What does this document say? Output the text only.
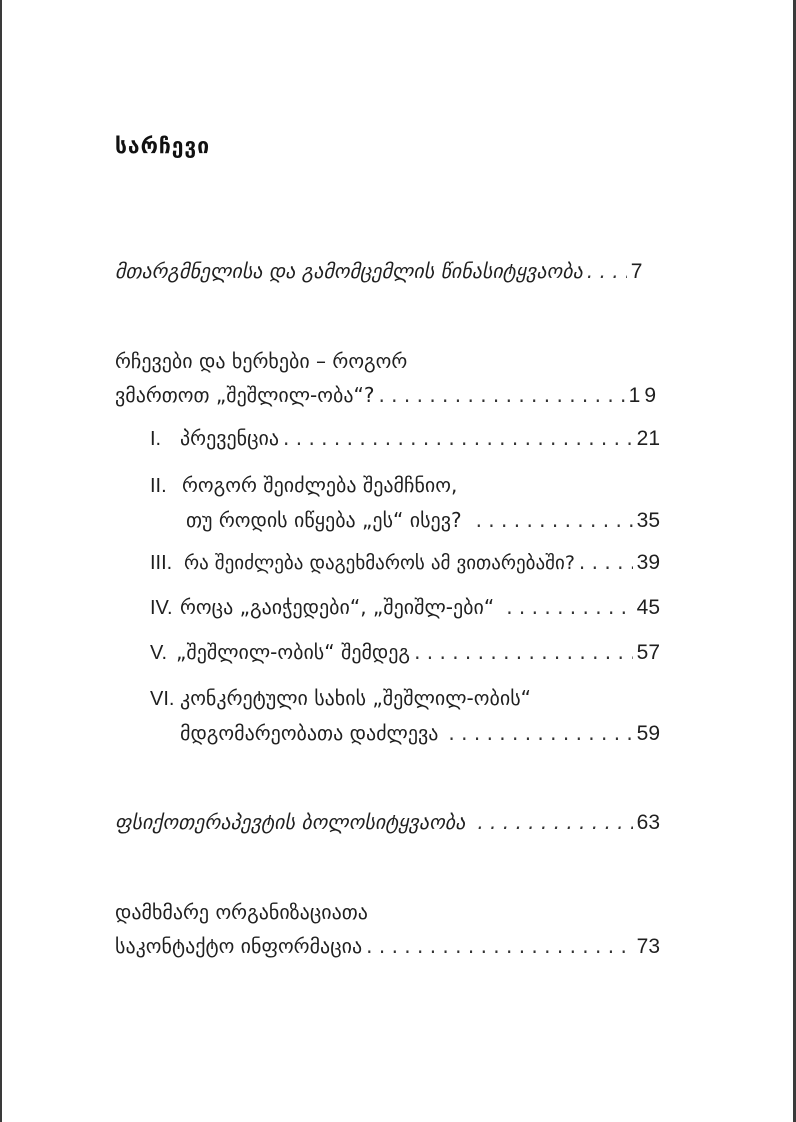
სარჩევი
მთარგმნელისა და გამომცემლის წინასიტყვაობა . . . 7
რჩევები და ხერხები – როგორ
ვმართოთ „შეშლილ-ობა“? . . .	19
I. პრევენცია . . .	21
II. როგორ შეიძლება შეამჩნიო,
თუ როდის იწყება „ეს“ ისევ? . . .	35
III. რა შეიძლება დაგეხმაროს ამ ვითარებაში? . . .	39
IV. როცა „გაიჭედები“, „შეიშლ-ები“ . . .	45
V. „შეშლილ-ობის“ შემდეგ . . .	57
VI. კონკრეტული სახის „შეშლილ-ობის“
მდგომარეობათა დაძლევა . . .	59
ფსიქოთერაპევტის ბოლოსიტყვაობა . . .	63
დამხმარე ორგანიზაციათა
საკონტაქტო ინფორმაცია . . .	73
